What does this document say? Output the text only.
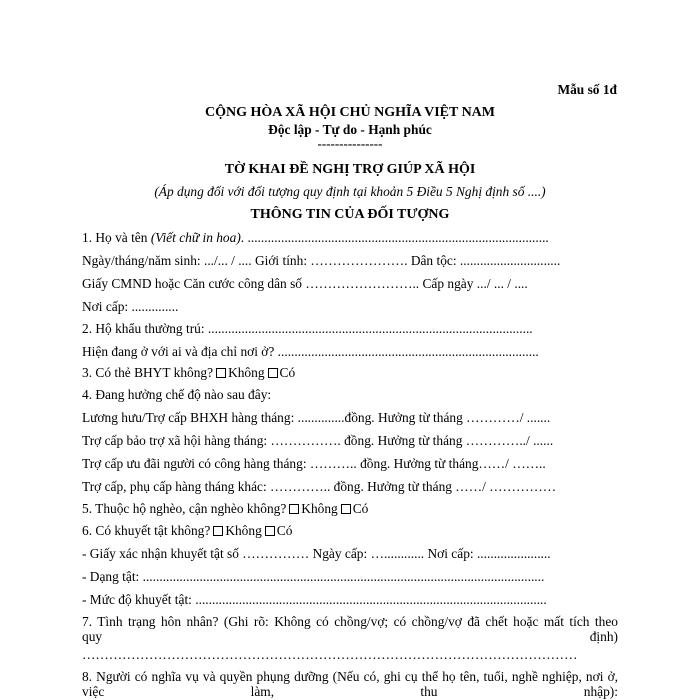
Mẫu số 1đ
CỘNG HÒA XÃ HỘI CHỦ NGHĨA VIỆT NAM
Độc lập - Tự do - Hạnh phúc
---------------
TỜ KHAI ĐỀ NGHỊ TRỢ GIÚP XÃ HỘI
(Áp dụng đối với đối tượng quy định tại khoản 5 Điều 5 Nghị định số ....)
THÔNG TIN CỦA ĐỐI TƯỢNG
1. Họ và tên (Viết chữ in hoa). ..........................................................................................
Ngày/tháng/năm sinh: .../... / .... Giới tính: …………………. Dân tộc: ..............................
Giấy CMND hoặc Căn cước công dân số …………………….. Cấp ngày .../ ... / ....
Nơi cấp: ..............
2. Hộ khẩu thường trú: .................................................................................................
Hiện đang ở với ai và địa chỉ nơi ở? ..............................................................................
3. Có thẻ BHYT không? Không Có
4. Đang hưởng chế độ nào sau đây:
Lương hưu/Trợ cấp BHXH hàng tháng: ..............đồng. Hưởng từ tháng …………/ .......
Trợ cấp bảo trợ xã hội hàng tháng: ……………. đồng. Hưởng từ tháng …………../ ......
Trợ cấp ưu đãi người có công hàng tháng: ……….. đồng. Hưởng từ tháng……/ ……..
Trợ cấp, phụ cấp hàng tháng khác: ………….. đồng. Hưởng từ tháng ……/ ……………
5. Thuộc hộ nghèo, cận nghèo không? Không Có
6. Có khuyết tật không? Không Có
- Giấy xác nhận khuyết tật số …………… Ngày cấp: …............ Nơi cấp: ......................
- Dạng tật: ........................................................................................................................
- Mức độ khuyết tật: .........................................................................................................
7. Tình trạng hôn nhân? (Ghi rõ: Không có chồng/vợ; có chồng/vợ đã chết hoặc mất tích theo
quy	định)
…………………………………………………………………………………………………
8. Người có nghĩa vụ và quyền phụng dưỡng (Nếu có, ghi cụ thể họ tên, tuổi, nghề nghiệp, nơi ở,
việc	làm,	thu	nhập):
